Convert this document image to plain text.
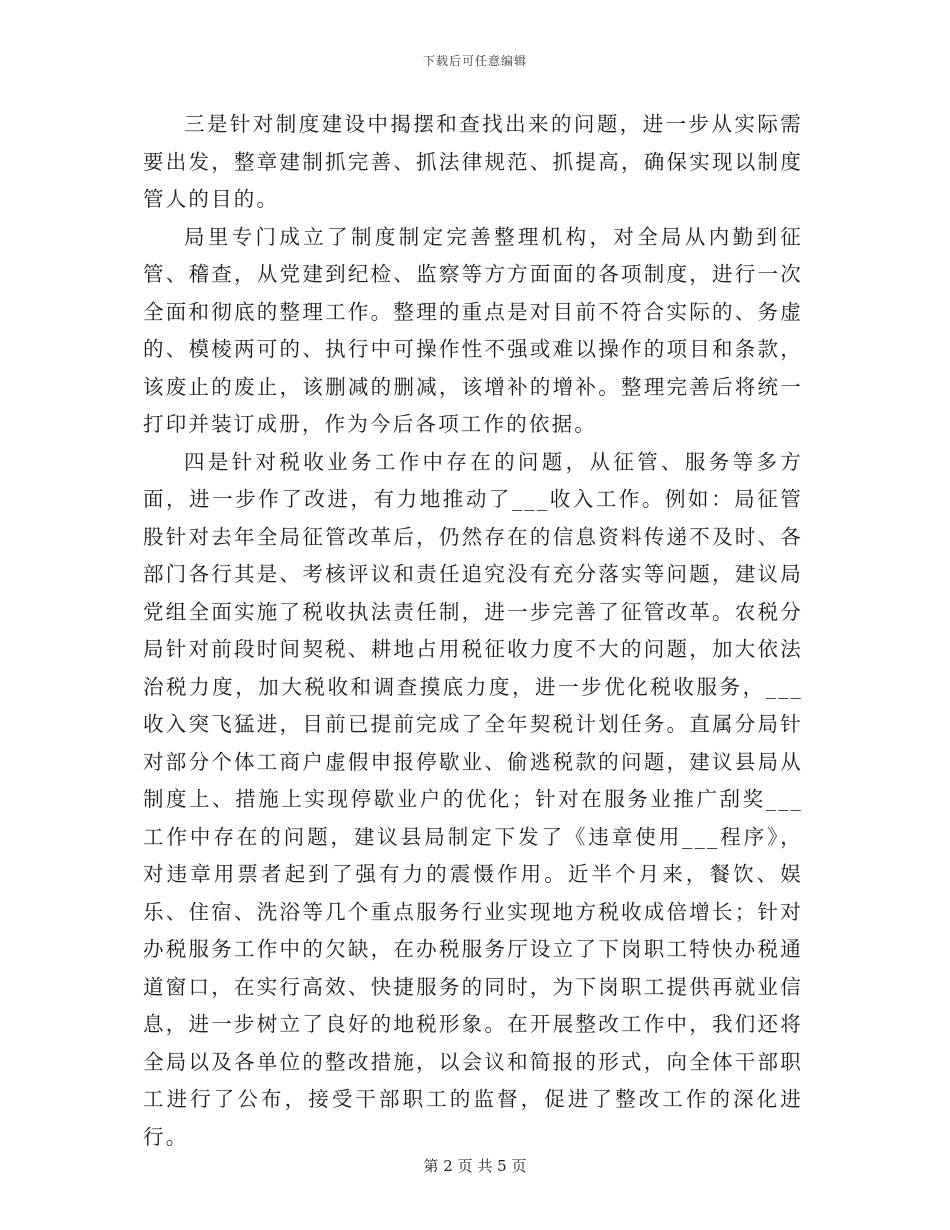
下载后可任意编辑

三是针对制度建设中揭摆和查找出来的问题，进一步从实际需要出发，整章建制抓完善、抓法律规范、抓提高，确保实现以制度管人的目的。

局里专门成立了制度制定完善整理机构，对全局从内勤到征管、稽查，从党建到纪检、监察等方方面面的各项制度，进行一次全面和彻底的整理工作。整理的重点是对目前不符合实际的、务虚的、模棱两可的、执行中可操作性不强或难以操作的项目和条款，该废止的废止，该删减的删减，该增补的增补。整理完善后将统一打印并装订成册，作为今后各项工作的依据。

四是针对税收业务工作中存在的问题，从征管、服务等多方面，进一步作了改进，有力地推动了___收入工作。例如：局征管股针对去年全局征管改革后，仍然存在的信息资料传递不及时、各部门各行其是、考核评议和责任追究没有充分落实等问题，建议局党组全面实施了税收执法责任制，进一步完善了征管改革。农税分局针对前段时间契税、耕地占用税征收力度不大的问题，加大依法治税力度，加大税收和调查摸底力度，进一步优化税收服务，___收入突飞猛进，目前已提前完成了全年契税计划任务。直属分局针对部分个体工商户虚假申报停歇业、偷逃税款的问题，建议县局从制度上、措施上实现停歇业户的优化；针对在服务业推广刮奖___工作中存在的问题，建议县局制定下发了《违章使用___程序》，对违章用票者起到了强有力的震慑作用。近半个月来，餐饮、娱乐、住宿、洗浴等几个重点服务行业实现地方税收成倍增长；针对办税服务工作中的欠缺，在办税服务厅设立了下岗职工特快办税通道窗口，在实行高效、快捷服务的同时，为下岗职工提供再就业信息，进一步树立了良好的地税形象。在开展整改工作中，我们还将全局以及各单位的整改措施，以会议和简报的形式，向全体干部职工进行了公布，接受干部职工的监督，促进了整改工作的深化进行。

第 2 页 共 5 页
